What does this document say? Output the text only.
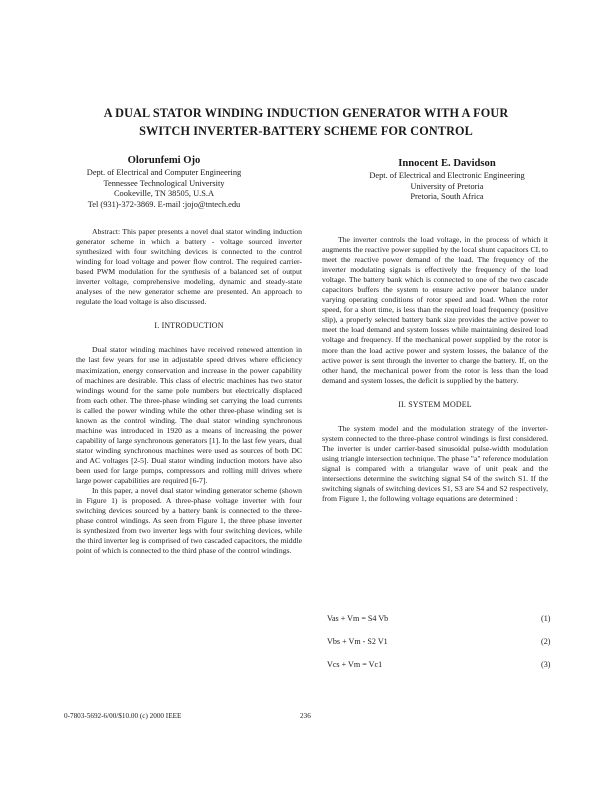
A DUAL STATOR WINDING INDUCTION GENERATOR WITH A FOUR
SWITCH INVERTER-BATTERY SCHEME FOR CONTROL
Olorunfemi Ojo
Dept. of Electrical and Computer Engineering
Tennessee Technological University
Cookeville, TN 38505, U.S.A
Tel (931)-372-3869. E-mail :jojo@tntech.edu
Innocent E. Davidson
Dept. of Electrical and Electronic Engineering
University of Pretoria
Pretoria, South Africa

Abstract: This paper presents a novel dual stator winding induction generator scheme in which a battery - voltage sourced inverter synthesized with four switching devices is connected to the control winding for load voltage and power flow control. The required carrier-based PWM modulation for the synthesis of a balanced set of output inverter voltage, comprehensive modeling, dynamic and steady-state analyses of the new generator scheme are presented. An approach to regulate the load voltage is also discussed.

I. INTRODUCTION

Dual stator winding machines have received renewed attention in the last few years for use in adjustable speed drives where efficiency maximization, energy conservation and increase in the power capability of machines are desirable. This class of electric machines has two stator windings wound for the same pole numbers but electrically displaced from each other. The three-phase winding set carrying the load currents is called the power winding while the other three-phase winding set is known as the control winding. The dual stator winding synchronous machine was introduced in 1920 as a means of increasing the power capability of large synchronous generators [1]. In the last few years, dual stator winding synchronous machines were used as sources of both DC and AC voltages [2-5]. Dual stator winding induction motors have also been used for large pumps, compressors and rolling mill drives where large power capabilities are required [6-7].

In this paper, a novel dual stator winding generator scheme (shown in Figure 1) is proposed. A three-phase voltage inverter with four switching devices sourced by a battery bank is connected to the three-phase control windings. As seen from Figure 1, the three phase inverter is synthesized from two inverter legs with four switching devices, while the third inverter leg is comprised of two cascaded capacitors, the middle point of which is connected to the third phase of the control windings.

The inverter controls the load voltage, in the process of which it augments the reactive power supplied by the local shunt capacitors CL to meet the reactive power demand of the load. The frequency of the inverter modulating signals is effectively the frequency of the load voltage. The battery bank which is connected to one of the two cascade capacitors buffers the system to ensure active power balance under varying operating conditions of rotor speed and load. When the rotor speed, for a short time, is less than the required load frequency (positive slip), a properly selected battery bank size provides the active power to meet the load demand and system losses while maintaining desired load voltage and frequency. If the mechanical power supplied by the rotor is more than the load active power and system losses, the balance of the active power is sent through the inverter to charge the battery. If, on the other hand, the mechanical power from the rotor is less than the load demand and system losses, the deficit is supplied by the battery.

II. SYSTEM MODEL

The system model and the modulation strategy of the inverter-system connected to the three-phase control windings is first considered. The inverter is under carrier-based sinusoidal pulse-width modulation using triangle intersection technique. The phase "a" reference modulation signal is compared with a triangular wave of unit peak and the intersections determine the switching signal S4 of the switch S1. If the switching signals of switching devices S1, S3 are S4 and S2 respectively, from Figure 1, the following voltage equations are determined :

Vas + Vm = S4 Vb	(1)
Vbs + Vm - S2 V1	(2)
Vcs + Vm = Vc1	(3)
0-7803-5692-6/00/$10.00 (c) 2000 IEEE	236
